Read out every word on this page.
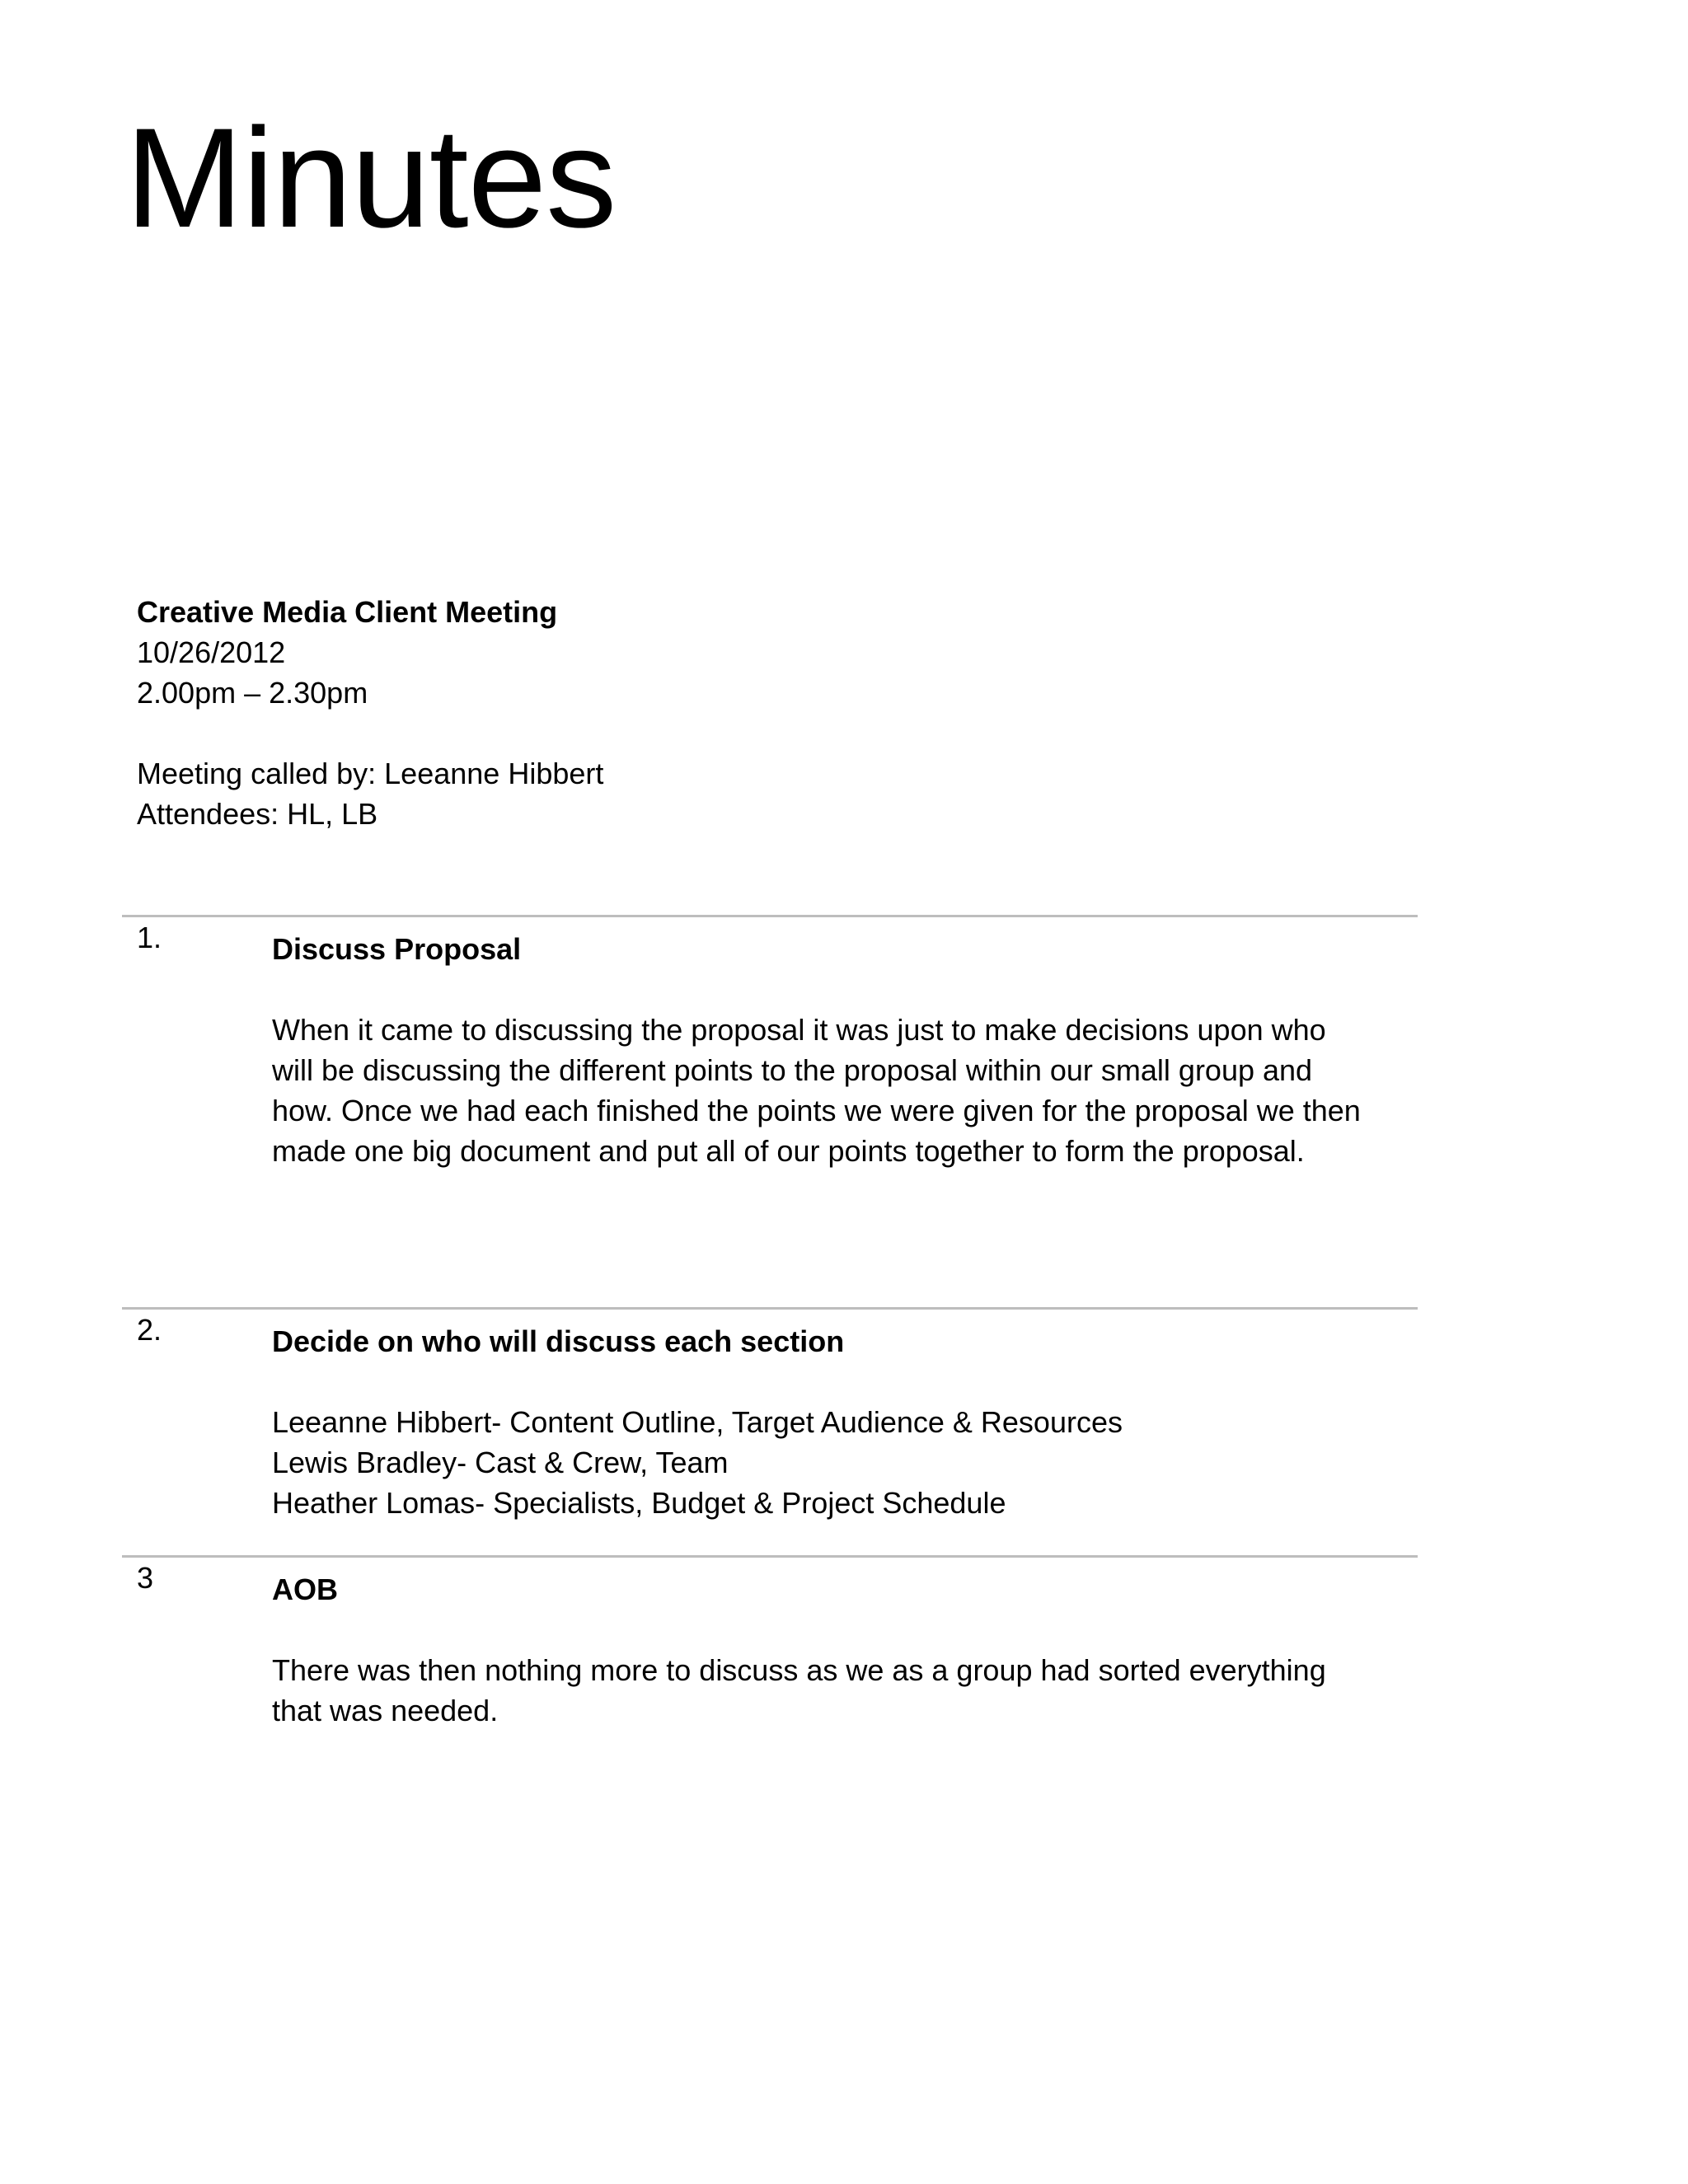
Minutes
Creative Media Client Meeting
10/26/2012
2.00pm – 2.30pm
Meeting called by: Leeanne Hibbert
Attendees: HL, LB
1.	Discuss Proposal
When it came to discussing the proposal it was just to make decisions upon who will be discussing the different points to the proposal within our small group and how. Once we had each finished the points we were given for the proposal we then made one big document and put all of our points together to form the proposal.
2.	Decide on who will discuss each section
Leeanne Hibbert- Content Outline, Target Audience & Resources
Lewis Bradley- Cast & Crew, Team
Heather Lomas- Specialists, Budget & Project Schedule
3	AOB
There was then nothing more to discuss as we as a group had sorted everything that was needed.
